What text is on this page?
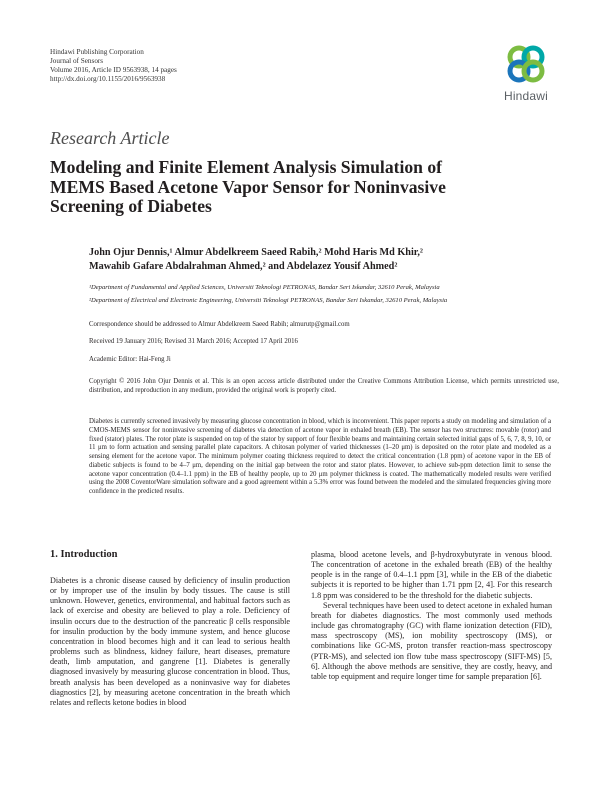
Hindawi Publishing Corporation
Journal of Sensors
Volume 2016, Article ID 9563938, 14 pages
http://dx.doi.org/10.1155/2016/9563938
Hindawi
Research Article
Modeling and Finite Element Analysis Simulation of
MEMS Based Acetone Vapor Sensor for Noninvasive
Screening of Diabetes
John Ojur Dennis,¹ Almur Abdelkreem Saeed Rabih,² Mohd Haris Md Khir,²
Mawahib Gafare Abdalrahman Ahmed,² and Abdelazez Yousif Ahmed²
¹Department of Fundamental and Applied Sciences, Universiti Teknologi PETRONAS, Bandar Seri Iskandar, 32610 Perak, Malaysia
²Department of Electrical and Electronic Engineering, Universiti Teknologi PETRONAS, Bandar Seri Iskandar, 32610 Perak, Malaysia
Correspondence should be addressed to Almur Abdelkreem Saeed Rabih; almurutp@gmail.com
Received 19 January 2016; Revised 31 March 2016; Accepted 17 April 2016
Academic Editor: Hai-Feng Ji
Copyright © 2016 John Ojur Dennis et al. This is an open access article distributed under the Creative Commons Attribution License, which permits unrestricted use, distribution, and reproduction in any medium, provided the original work is properly cited.
Diabetes is currently screened invasively by measuring glucose concentration in blood, which is inconvenient. This paper reports a study on modeling and simulation of a CMOS-MEMS sensor for noninvasive screening of diabetes via detection of acetone vapor in exhaled breath (EB). The sensor has two structures: movable (rotor) and fixed (stator) plates. The rotor plate is suspended on top of the stator by support of four flexible beams and maintaining certain selected initial gaps of 5, 6, 7, 8, 9, 10, or 11 μm to form actuation and sensing parallel plate capacitors. A chitosan polymer of varied thicknesses (1–20 μm) is deposited on the rotor plate and modeled as a sensing element for the acetone vapor. The minimum polymer coating thickness required to detect the critical concentration (1.8 ppm) of acetone vapor in the EB of diabetic subjects is found to be 4–7 μm, depending on the initial gap between the rotor and stator plates. However, to achieve sub-ppm detection limit to sense the acetone vapor concentration (0.4–1.1 ppm) in the EB of healthy people, up to 20 μm polymer thickness is coated. The mathematically modeled results were verified using the 2008 CoventorWare simulation software and a good agreement within a 5.3% error was found between the modeled and the simulated frequencies giving more confidence in the predicted results.
1. Introduction

Diabetes is a chronic disease caused by deficiency of insulin production or by improper use of the insulin by body tissues. The cause is still unknown. However, genetics, environmental, and habitual factors such as lack of exercise and obesity are believed to play a role. Deficiency of insulin occurs due to the destruction of the pancreatic β cells responsible for insulin production by the body immune system, and hence glucose concentration in blood becomes high and it can lead to serious health problems such as blindness, kidney failure, heart diseases, premature death, limb amputation, and gangrene [1]. Diabetes is generally diagnosed invasively by measuring glucose concentration in blood. Thus, breath analysis has been developed as a noninvasive way for diabetes diagnostics [2], by measuring acetone concentration in the breath which relates and reflects ketone bodies in blood

plasma, blood acetone levels, and β-hydroxybutyrate in venous blood. The concentration of acetone in the exhaled breath (EB) of the healthy people is in the range of 0.4–1.1 ppm [3], while in the EB of the diabetic subjects it is reported to be higher than 1.71 ppm [2, 4]. For this research 1.8 ppm was considered to be the threshold for the diabetic subjects.

Several techniques have been used to detect acetone in exhaled human breath for diabetes diagnostics. The most commonly used methods include gas chromatography (GC) with flame ionization detection (FID), mass spectroscopy (MS), ion mobility spectroscopy (IMS), or combinations like GC-MS, proton transfer reaction-mass spectroscopy (PTR-MS), and selected ion flow tube mass spectroscopy (SIFT-MS) [5, 6]. Although the above methods are sensitive, they are costly, heavy, and table top equipment and require longer time for sample preparation [6].
